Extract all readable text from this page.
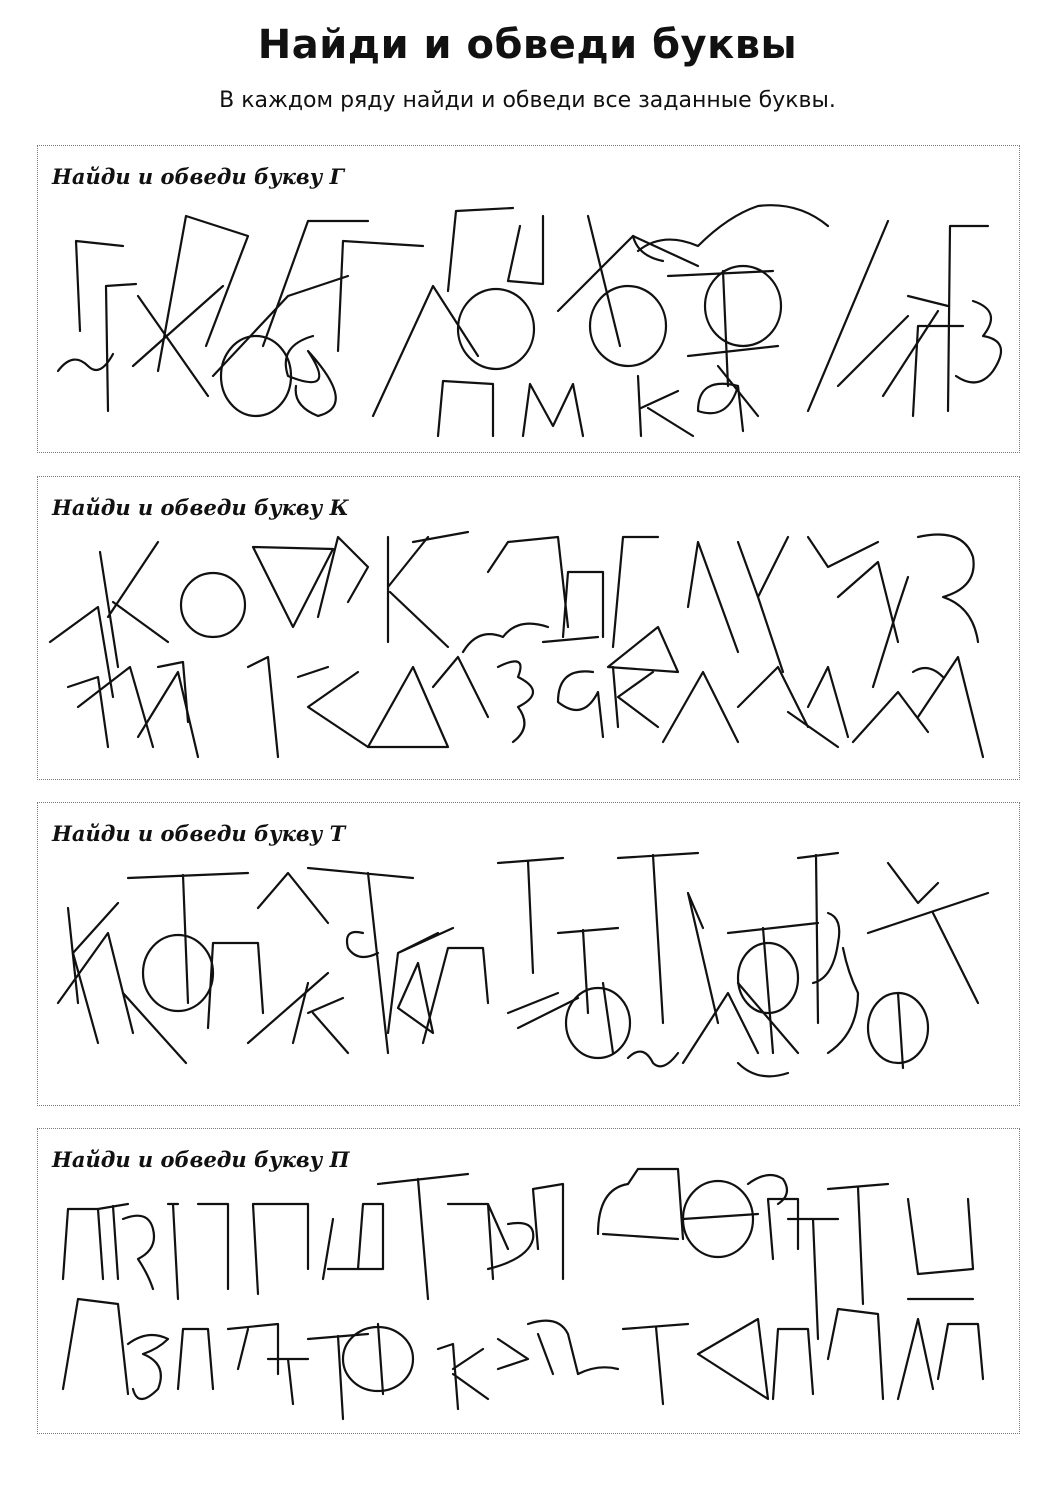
Найди и обведи буквы
В каждом ряду найди и обведи все заданные буквы.
Найди и обведи букву Г
Найди и обведи букву К
Найди и обведи букву Т
Найди и обведи букву П
